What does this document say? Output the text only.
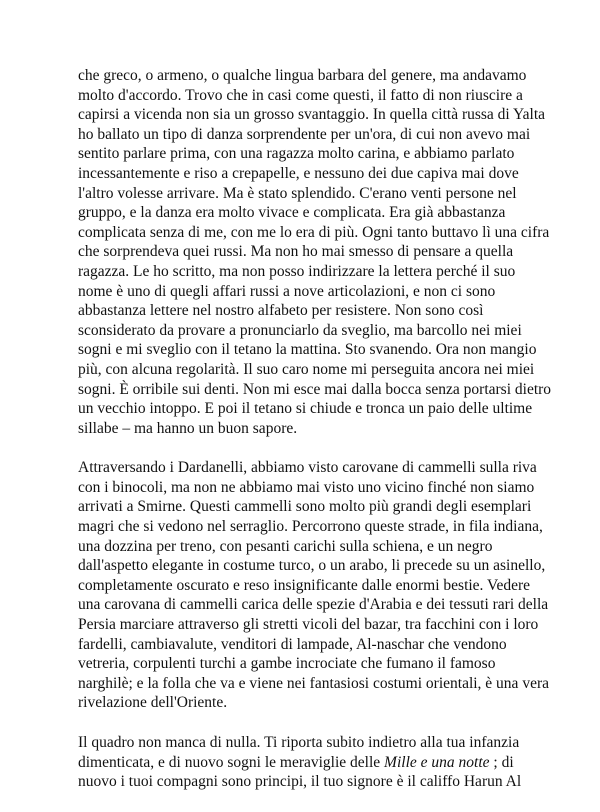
che greco, o armeno, o qualche lingua barbara del genere, ma andavamo
molto d'accordo. Trovo che in casi come questi, il fatto di non riuscire a
capirsi a vicenda non sia un grosso svantaggio. In quella città russa di Yalta
ho ballato un tipo di danza sorprendente per un'ora, di cui non avevo mai
sentito parlare prima, con una ragazza molto carina, e abbiamo parlato
incessantemente e riso a crepapelle, e nessuno dei due capiva mai dove
l'altro volesse arrivare. Ma è stato splendido. C'erano venti persone nel
gruppo, e la danza era molto vivace e complicata. Era già abbastanza
complicata senza di me, con me lo era di più. Ogni tanto buttavo lì una cifra
che sorprendeva quei russi. Ma non ho mai smesso di pensare a quella
ragazza. Le ho scritto, ma non posso indirizzare la lettera perché il suo
nome è uno di quegli affari russi a nove articolazioni, e non ci sono
abbastanza lettere nel nostro alfabeto per resistere. Non sono così
sconsiderato da provare a pronunciarlo da sveglio, ma barcollo nei miei
sogni e mi sveglio con il tetano la mattina. Sto svanendo. Ora non mangio
più, con alcuna regolarità. Il suo caro nome mi perseguita ancora nei miei
sogni. È orribile sui denti. Non mi esce mai dalla bocca senza portarsi dietro
un vecchio intoppo. E poi il tetano si chiude e tronca un paio delle ultime
sillabe – ma hanno un buon sapore.

Attraversando i Dardanelli, abbiamo visto carovane di cammelli sulla riva
con i binocoli, ma non ne abbiamo mai visto uno vicino finché non siamo
arrivati a Smirne. Questi cammelli sono molto più grandi degli esemplari
magri che si vedono nel serraglio. Percorrono queste strade, in fila indiana,
una dozzina per treno, con pesanti carichi sulla schiena, e un negro
dall'aspetto elegante in costume turco, o un arabo, li precede su un asinello,
completamente oscurato e reso insignificante dalle enormi bestie. Vedere
una carovana di cammelli carica delle spezie d'Arabia e dei tessuti rari della
Persia marciare attraverso gli stretti vicoli del bazar, tra facchini con i loro
fardelli, cambiavalute, venditori di lampade, Al-naschar che vendono
vetreria, corpulenti turchi a gambe incrociate che fumano il famoso
narghilè; e la folla che va e viene nei fantasiosi costumi orientali, è una vera
rivelazione dell'Oriente.

Il quadro non manca di nulla. Ti riporta subito indietro alla tua infanzia
dimenticata, e di nuovo sogni le meraviglie delle Mille e una notte ; di
nuovo i tuoi compagni sono principi, il tuo signore è il califfo Harun Al
